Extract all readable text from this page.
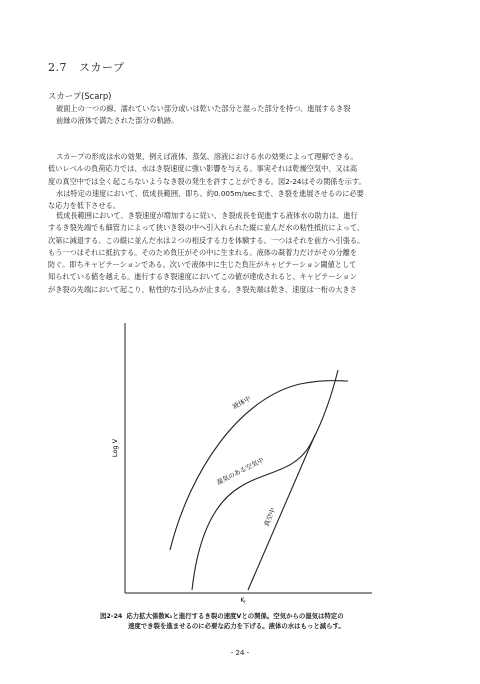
2.7 スカープ
スカープ(Scarp)

破面上の一つの線、濡れていない部分或いは乾いた部分と湿った部分を持つ、進展するき裂
前縁の液体で満たされた部分の軌跡。

スカープの形成は水の効果、例えば液体、蒸気、溶液における水の効果によって理解できる。
低いレベルの負荷応力では、水はき裂速度に強い影響を与える。事実それは乾燥空気中、又は高
度の真空中では全く起こらないようなき裂の発生を許すことができる。図2-24はその関係を示す。
水は特定の速度において、低成長範囲、即ち、約0.005m/secまで、き裂を進展させるのに必要
な応力を低下させる。

低成長範囲において、き裂速度が増加するに従い、き裂成長を促進する液体水の助力は、進行
するき裂先端でも細管力によって狭いき裂の中へ引入れられた縦に並んだ水の粘性抵抗によって、
次第に減退する。この縦に並んだ水は２つの相反する力を体験する。一つはそれを前方へ引張る。
もう一つはそれに抵抗する。そのため負圧がその中に生まれる。液体の凝着力だけがその分離を
防ぐ。即ちキャビテーションである。次いで液体中に生じた負圧がキャビテーション閾値として
知られている値を越える。進行するき裂速度においてこの値が達成されると、キャビテーション
がき裂の先端において起こり、粘性的な引込みが止まる。き裂先端は乾き、速度は一桁の大きさ

液体中
湿気のある空気中
真空中
Log V
$K_I$
図2-24 応力拡大係数K₁と進行するき裂の速度Vとの関係。空気からの湿気は特定の
速度でき裂を進ませるのに必要な応力を下げる。液体の水はもっと減らす。
- 24 -
